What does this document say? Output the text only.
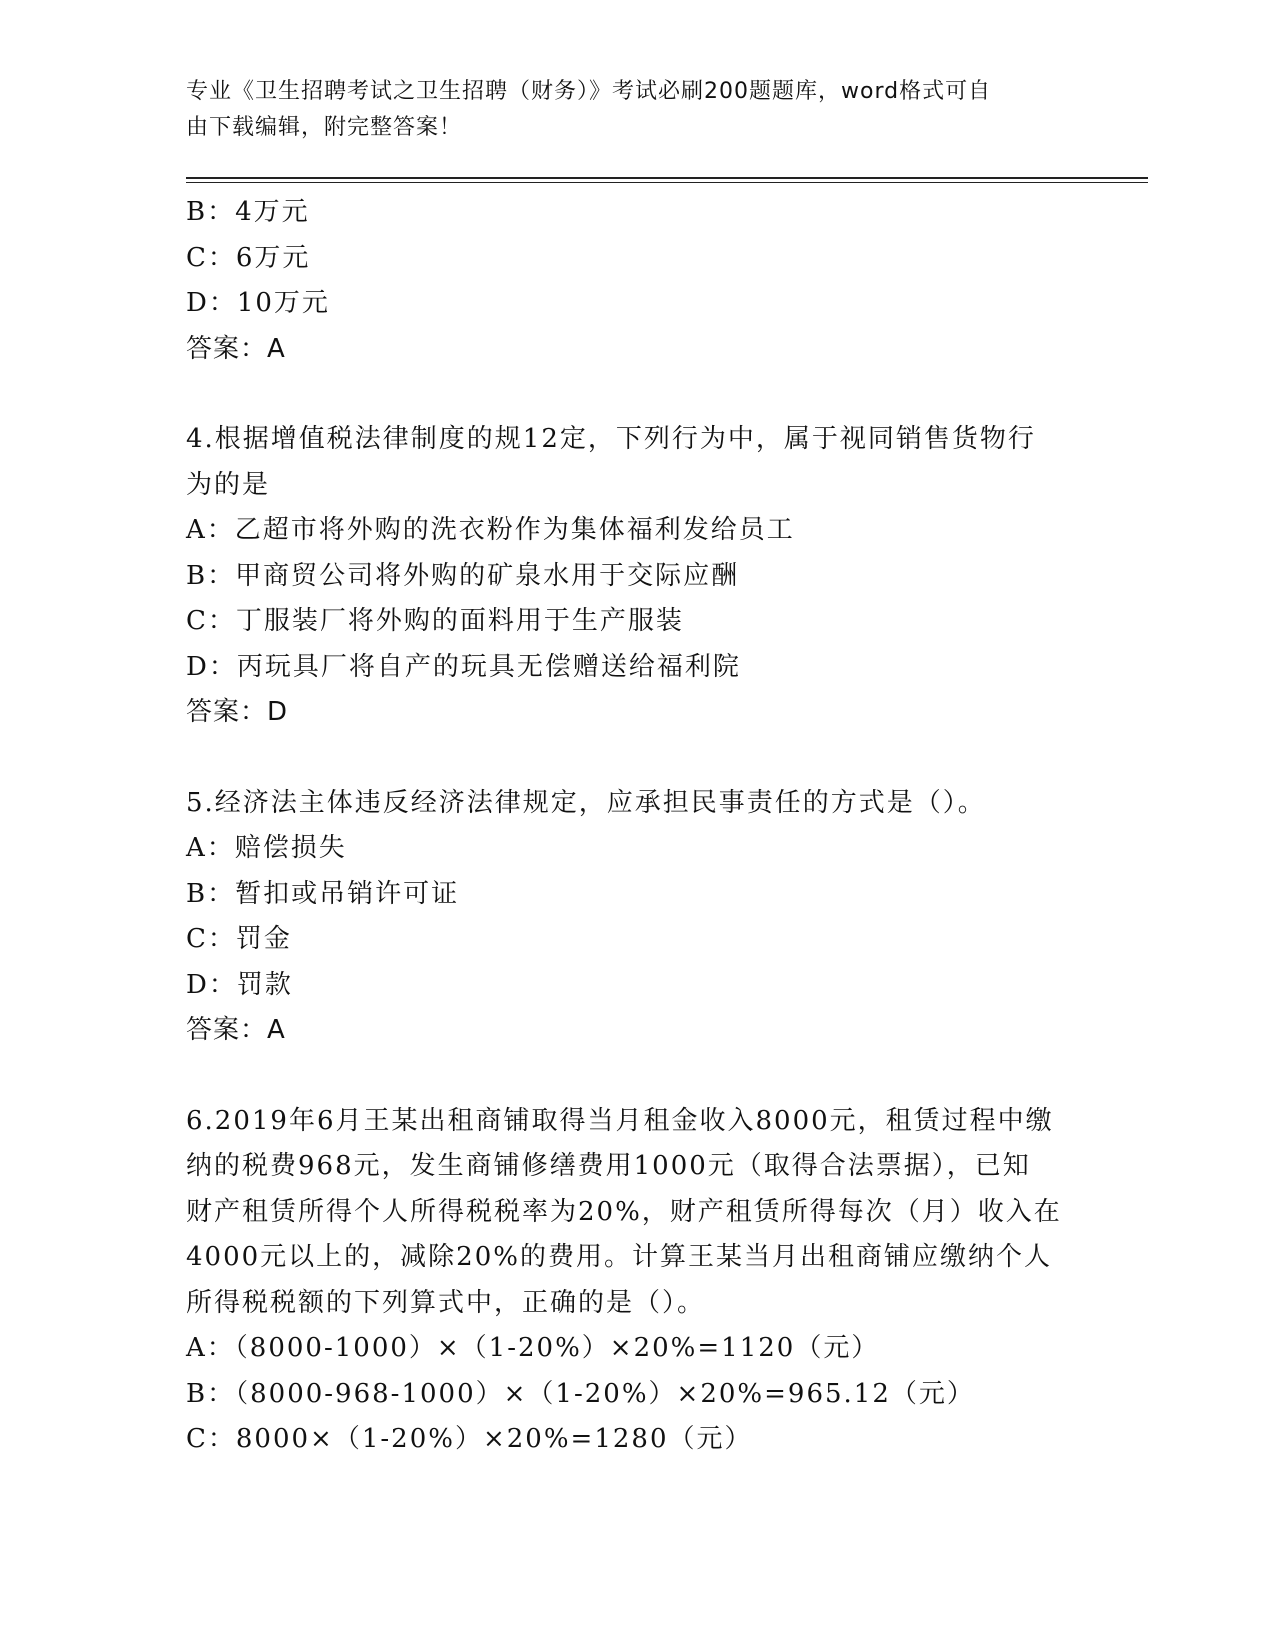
专业《卫生招聘考试之卫生招聘（财务）》考试必刷200题题库，word格式可自
由下载编辑，附完整答案！
B：4万元
C：6万元
D：10万元
答案：A
4.根据增值税法律制度的规12定，下列行为中，属于视同销售货物行
为的是
A：乙超市将外购的洗衣粉作为集体福利发给员工
B：甲商贸公司将外购的矿泉水用于交际应酬
C：丁服装厂将外购的面料用于生产服装
D：丙玩具厂将自产的玩具无偿赠送给福利院
答案：D
5.经济法主体违反经济法律规定，应承担民事责任的方式是（）。
A：赔偿损失
B：暂扣或吊销许可证
C：罚金
D：罚款
答案：A
6.2019年6月王某出租商铺取得当月租金收入8000元，租赁过程中缴
纳的税费968元，发生商铺修缮费用1000元（取得合法票据），已知
财产租赁所得个人所得税税率为20%，财产租赁所得每次（月）收入在
4000元以上的，减除20%的费用。计算王某当月出租商铺应缴纳个人
所得税税额的下列算式中，正确的是（）。
A：（8000-1000）×（1-20%）×20%=1120（元）
B：（8000-968-1000）×（1-20%）×20%=965.12（元）
C：8000×（1-20%）×20%=1280（元）
